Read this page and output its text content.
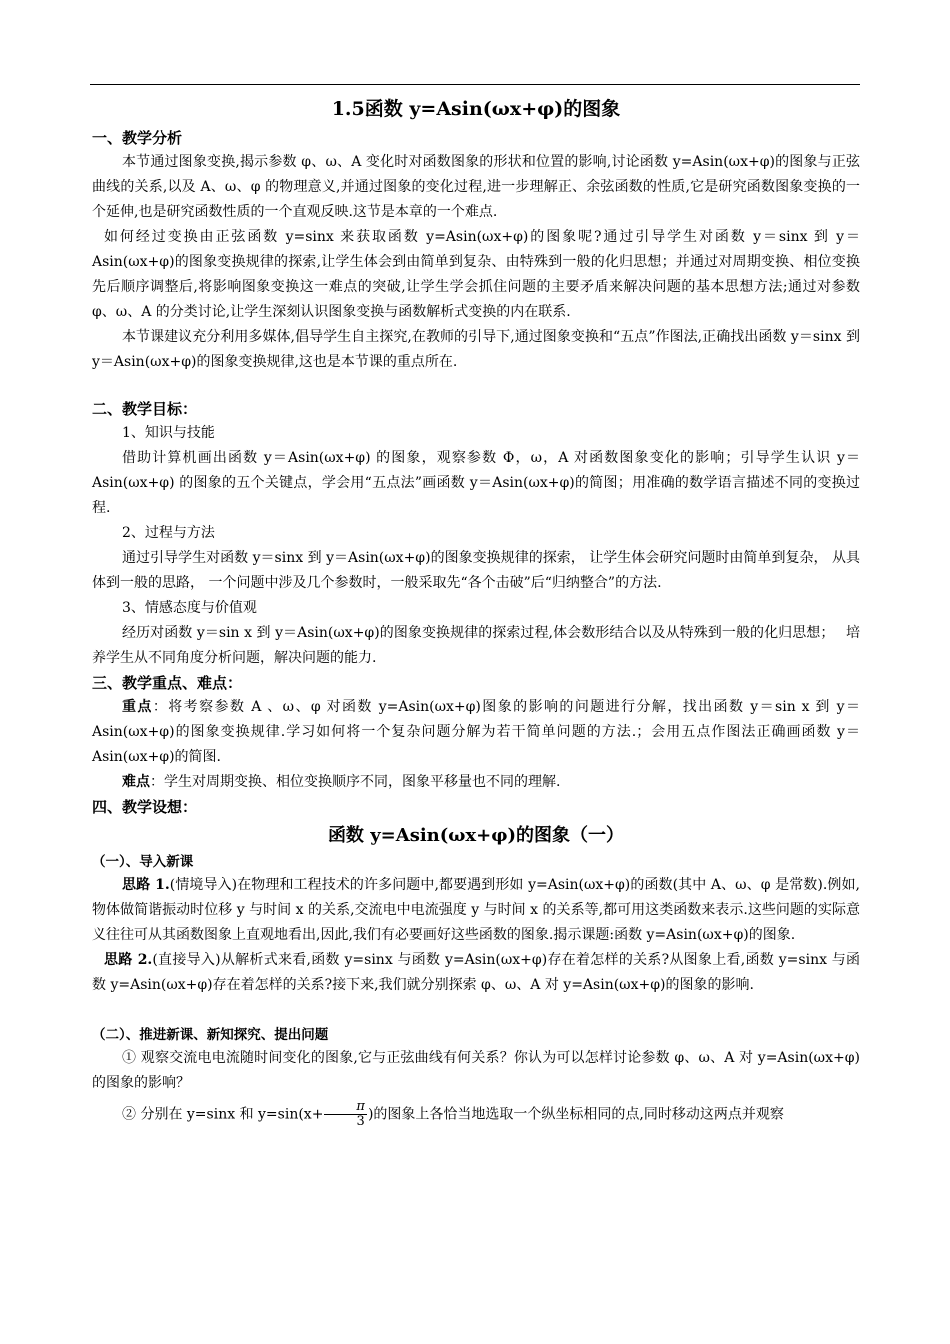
1.5函数 y=Asin(ωx+φ)的图象
一、教学分析

本节通过图象变换,揭示参数 φ、ω、A 变化时对函数图象的形状和位置的影响,讨论函数 y=Asin(ωx+φ)的图象与正弦曲线的关系,以及 A、ω、φ 的物理意义,并通过图象的变化过程,进一步理解正、余弦函数的性质,它是研究函数图象变换的一个延伸,也是研究函数性质的一个直观反映.这节是本章的一个难点.

如何经过变换由正弦函数 y=sinx 来获取函数 y=Asin(ωx+φ)的图象呢?通过引导学生对函数 y＝sinx 到 y＝Asin(ωx+φ)的图象变换规律的探索,让学生体会到由简单到复杂、由特殊到一般的化归思想；并通过对周期变换、相位变换先后顺序调整后,将影响图象变换这一难点的突破,让学生学会抓住问题的主要矛盾来解决问题的基本思想方法;通过对参数 φ、ω、A 的分类讨论,让学生深刻认识图象变换与函数解析式变换的内在联系.

本节课建议充分利用多媒体,倡导学生自主探究,在教师的引导下,通过图象变换和“五点”作图法,正确找出函数 y＝sinx 到 y＝Asin(ωx+φ)的图象变换规律,这也是本节课的重点所在.

二、教学目标：

1、知识与技能

借助计算机画出函数 y＝Asin(ωx+φ) 的图象，观察参数 Φ，ω，A 对函数图象变化的影响；引导学生认识 y＝Asin(ωx+φ) 的图象的五个关键点，学会用“五点法”画函数 y＝Asin(ωx+φ)的简图；用准确的数学语言描述不同的变换过程.

2、过程与方法

通过引导学生对函数 y＝sinx 到 y＝Asin(ωx+φ)的图象变换规律的探索， 让学生体会研究问题时由简单到复杂， 从具体到一般的思路， 一个问题中涉及几个参数时，一般采取先“各个击破”后“归纳整合”的方法.

3、情感态度与价值观

经历对函数 y＝sin x 到 y＝Asin(ωx+φ)的图象变换规律的探索过程,体会数形结合以及从特殊到一般的化归思想；　 培养学生从不同角度分析问题，解决问题的能力.

三、教学重点、难点：

重点：将考察参数 A 、ω、φ 对函数 y=Asin(ωx+φ)图象的影响的问题进行分解，找出函数 y＝sin x 到 y＝Asin(ωx+φ)的图象变换规律.学习如何将一个复杂问题分解为若干简单问题的方法.；会用五点作图法正确画函数 y＝Asin(ωx+φ)的简图.

难点：学生对周期变换、相位变换顺序不同，图象平移量也不同的理解.

四、教学设想：
函数 y=Asin(ωx+φ)的图象（一）
（一）、导入新课

思路 1.(情境导入)在物理和工程技术的许多问题中,都要遇到形如 y=Asin(ωx+φ)的函数(其中 A、ω、φ 是常数).例如,物体做简谐振动时位移 y 与时间 x 的关系,交流电中电流强度 y 与时间 x 的关系等,都可用这类函数来表示.这些问题的实际意义往往可从其函数图象上直观地看出,因此,我们有必要画好这些函数的图象.揭示课题:函数 y=Asin(ωx+φ)的图象.

思路 2.(直接导入)从解析式来看,函数 y=sinx 与函数 y=Asin(ωx+φ)存在着怎样的关系?从图象上看,函数 y=sinx 与函数 y=Asin(ωx+φ)存在着怎样的关系?接下来,我们就分别探索 φ、ω、A 对 y=Asin(ωx+φ)的图象的影响.

（二）、推进新课、新知探究、提出问题

① 观察交流电电流随时间变化的图象,它与正弦曲线有何关系？你认为可以怎样讨论参数 φ、ω、A 对 y=Asin(ωx+φ)的图象的影响？

② 分别在 y=sinx 和 $y=\sin(x+ \frac{\pi}{3}$ )的图象上各恰当地选取一个纵坐标相同的点,同时移动这两点并观察
